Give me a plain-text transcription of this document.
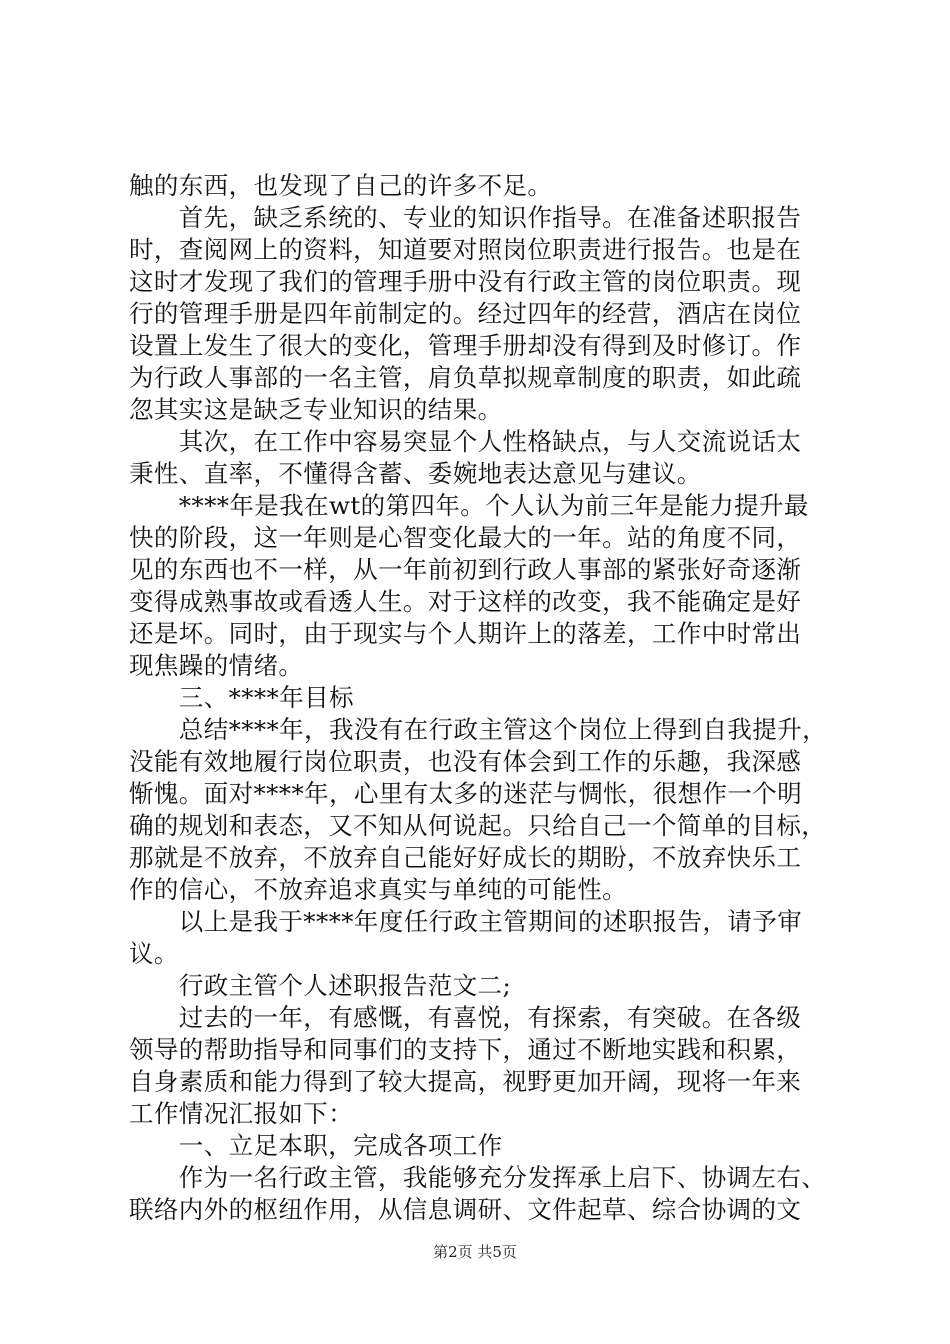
触的东西，也发现了自己的许多不足。
　　首先，缺乏系统的、专业的知识作指导。在准备述职报告
时，查阅网上的资料，知道要对照岗位职责进行报告。也是在
这时才发现了我们的管理手册中没有行政主管的岗位职责。现
行的管理手册是四年前制定的。经过四年的经营，酒店在岗位
设置上发生了很大的变化，管理手册却没有得到及时修订。作
为行政人事部的一名主管，肩负草拟规章制度的职责，如此疏
忽其实这是缺乏专业知识的结果。
　　其次，在工作中容易突显个人性格缺点，与人交流说话太
秉性、直率，不懂得含蓄、委婉地表达意见与建议。
　　****年是我在wt的第四年。个人认为前三年是能力提升最
快的阶段，这一年则是心智变化最大的一年。站的角度不同，
见的东西也不一样，从一年前初到行政人事部的紧张好奇逐渐
变得成熟事故或看透人生。对于这样的改变，我不能确定是好
还是坏。同时，由于现实与个人期许上的落差，工作中时常出
现焦躁的情绪。
　　三、****年目标
　　总结****年，我没有在行政主管这个岗位上得到自我提升，
没能有效地履行岗位职责，也没有体会到工作的乐趣，我深感
惭愧。面对****年，心里有太多的迷茫与惆怅，很想作一个明
确的规划和表态，又不知从何说起。只给自己一个简单的目标，
那就是不放弃，不放弃自己能好好成长的期盼，不放弃快乐工
作的信心，不放弃追求真实与单纯的可能性。
　　以上是我于****年度任行政主管期间的述职报告，请予审
议。
　　行政主管个人述职报告范文二;
　　过去的一年，有感慨，有喜悦，有探索，有突破。在各级
领导的帮助指导和同事们的支持下，通过不断地实践和积累，
自身素质和能力得到了较大提高，视野更加开阔，现将一年来
工作情况汇报如下：
　　一、立足本职，完成各项工作
　　作为一名行政主管，我能够充分发挥承上启下、协调左右、
联络内外的枢纽作用，从信息调研、文件起草、综合协调的文
第2页 共5页
